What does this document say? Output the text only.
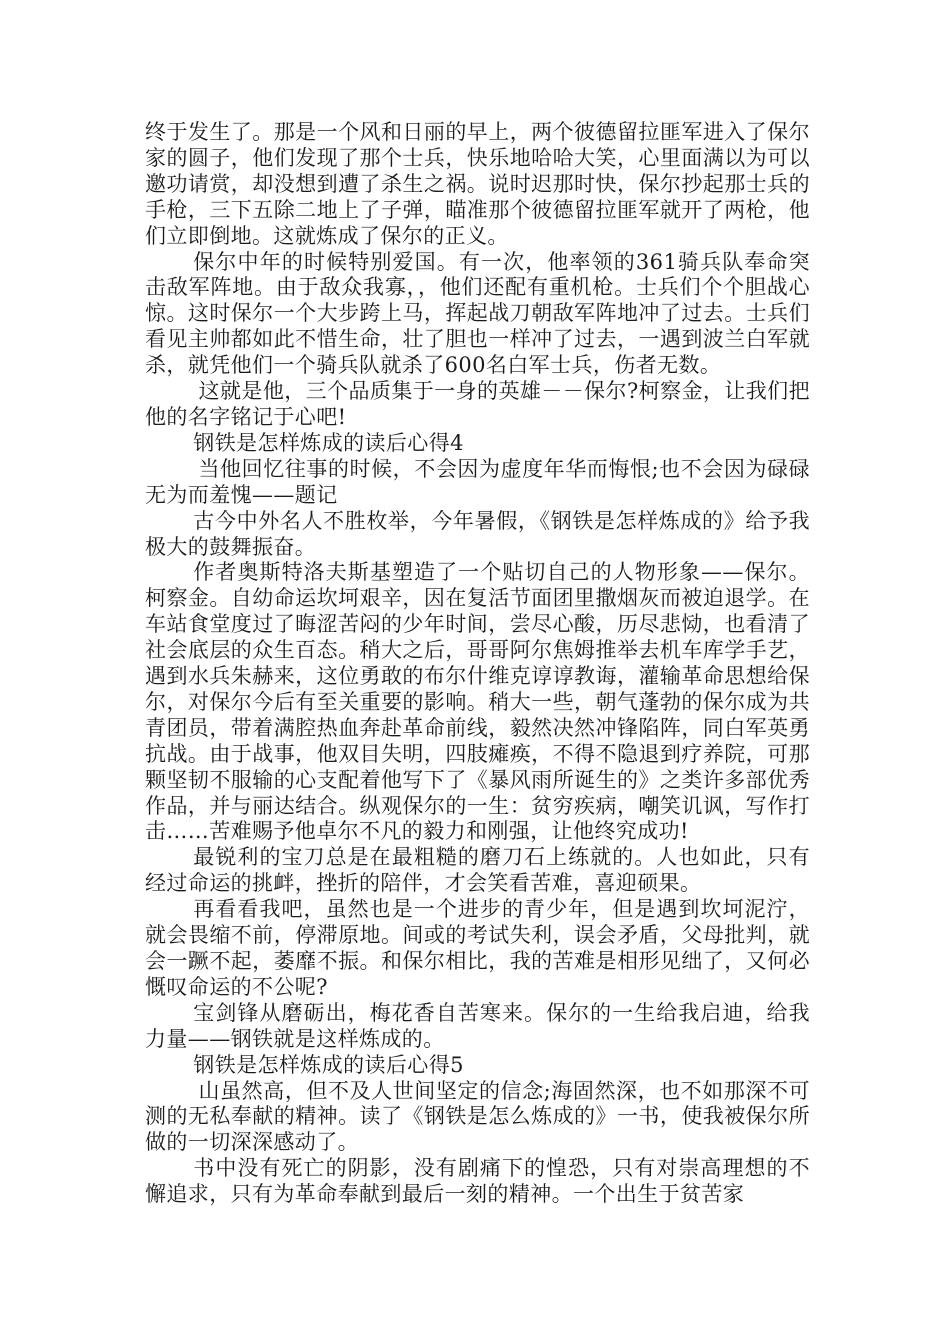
终于发生了。那是一个风和日丽的早上，两个彼德留拉匪军进入了保尔家的圆子，他们发现了那个士兵，快乐地哈哈大笑，心里面满以为可以邀功请赏，却没想到遭了杀生之祸。说时迟那时快，保尔抄起那士兵的手枪，三下五除二地上了子弹，瞄准那个彼德留拉匪军就开了两枪，他们立即倒地。这就炼成了保尔的正义。

保尔中年的时候特别爱国。有一次，他率领的361骑兵队奉命突击敌军阵地。由于敌众我寡，，他们还配有重机枪。士兵们个个胆战心惊。这时保尔一个大步跨上马，挥起战刀朝敌军阵地冲了过去。士兵们看见主帅都如此不惜生命，壮了胆也一样冲了过去，一遇到波兰白军就杀，就凭他们一个骑兵队就杀了600名白军士兵，伤者无数。

这就是他，三个品质集于一身的英雄－－保尔?柯察金，让我们把他的名字铭记于心吧!

钢铁是怎样炼成的读后心得4

当他回忆往事的时候，不会因为虚度年华而悔恨;也不会因为碌碌无为而羞愧——题记

古今中外名人不胜枚举，今年暑假，《钢铁是怎样炼成的》给予我极大的鼓舞振奋。

作者奥斯特洛夫斯基塑造了一个贴切自己的人物形象——保尔。柯察金。自幼命运坎坷艰辛，因在复活节面团里撒烟灰而被迫退学。在车站食堂度过了晦涩苦闷的少年时间，尝尽心酸，历尽悲恸，也看清了社会底层的众生百态。稍大之后，哥哥阿尔焦姆推举去机车库学手艺，遇到水兵朱赫来，这位勇敢的布尔什维克谆谆教诲，灌输革命思想给保尔，对保尔今后有至关重要的影响。稍大一些，朝气蓬勃的保尔成为共青团员，带着满腔热血奔赴革命前线，毅然决然冲锋陷阵，同白军英勇抗战。由于战事，他双目失明，四肢瘫痪，不得不隐退到疗养院，可那颗坚韧不服输的心支配着他写下了《暴风雨所诞生的》之类许多部优秀作品，并与丽达结合。纵观保尔的一生：贫穷疾病，嘲笑讥讽，写作打击……苦难赐予他卓尔不凡的毅力和刚强，让他终究成功!

最锐利的宝刀总是在最粗糙的磨刀石上练就的。人也如此，只有经过命运的挑衅，挫折的陪伴，才会笑看苦难，喜迎硕果。

再看看我吧，虽然也是一个进步的青少年，但是遇到坎坷泥泞，就会畏缩不前，停滞原地。间或的考试失利，误会矛盾，父母批判，就会一蹶不起，萎靡不振。和保尔相比，我的苦难是相形见绌了，又何必慨叹命运的不公呢?

宝剑锋从磨砺出，梅花香自苦寒来。保尔的一生给我启迪，给我力量——钢铁就是这样炼成的。

钢铁是怎样炼成的读后心得5

山虽然高，但不及人世间坚定的信念;海固然深，也不如那深不可测的无私奉献的精神。读了《钢铁是怎么炼成的》一书，使我被保尔所做的一切深深感动了。

书中没有死亡的阴影，没有剧痛下的惶恐，只有对崇高理想的不懈追求，只有为革命奉献到最后一刻的精神。一个出生于贫苦家
